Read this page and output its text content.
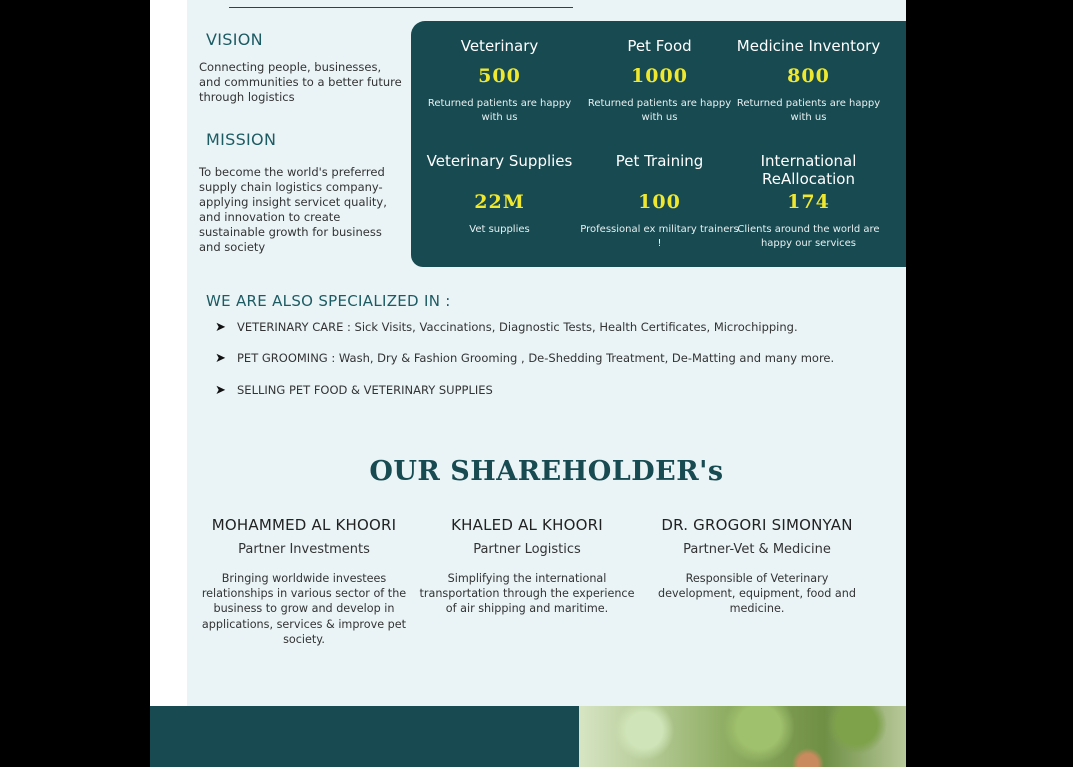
VISION
Connecting people, businesses, and communities to a better future through logistics
MISSION
To become the world's preferred supply chain logistics company-applying insight servicet quality, and innovation to create sustainable growth for business and society
Veterinary
500
Returned patients are happy with us
Pet Food
1000
Returned patients are happy with us
Medicine Inventory
800
Returned patients are happy with us
Veterinary Supplies
22M
Vet supplies
Pet Training
100
Professional ex military trainers !
International ReAllocation
174
Clients around the world are happy our services
WE ARE ALSO SPECIALIZED IN :
➤ VETERINARY CARE : Sick Visits, Vaccinations, Diagnostic Tests, Health Certificates, Microchipping.
➤ PET GROOMING : Wash, Dry & Fashion Grooming , De-Shedding Treatment, De-Matting and many more.
➤ SELLING PET FOOD & VETERINARY SUPPLIES
OUR SHAREHOLDER's
MOHAMMED AL KHOORI
Partner Investments
Bringing worldwide investees relationships in various sector of the business to grow and develop in applications, services & improve pet society.
KHALED AL KHOORI
Partner Logistics
Simplifying the international transportation through the experience of air shipping and maritime.
DR. GROGORI SIMONYAN
Partner-Vet & Medicine
Responsible of Veterinary development, equipment, food and medicine.
